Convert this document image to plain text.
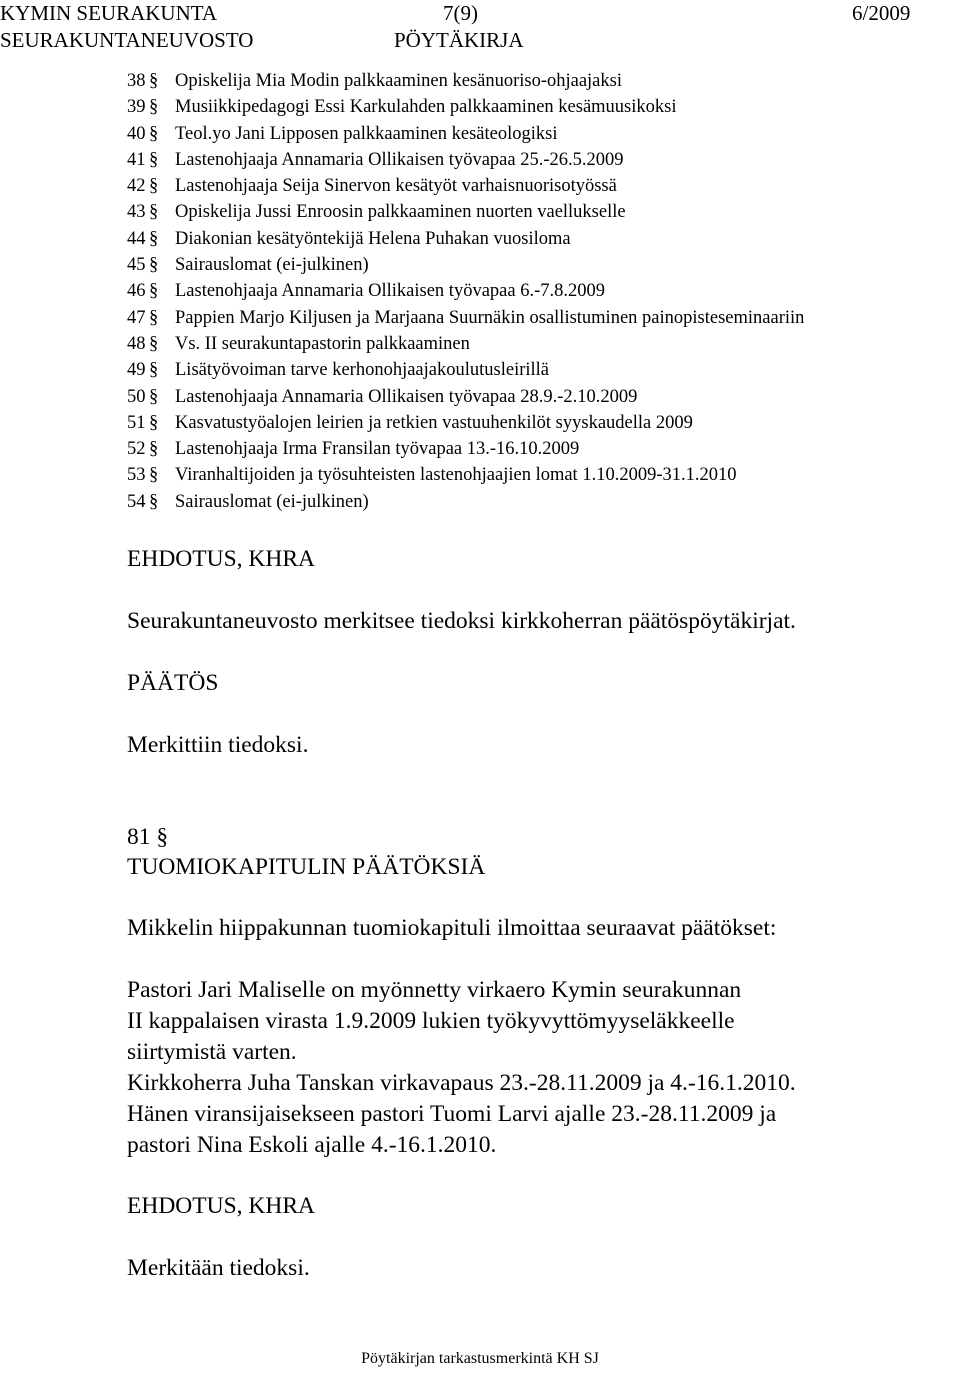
KYMIN SEURAKUNTA	7(9)	6/2009
SEURAKUNTANEUVOSTO	PÖYTÄKIRJA
38 § Opiskelija Mia Modin palkkaaminen kesänuoriso-ohjaajaksi
39 § Musiikkipedagogi Essi Karkulahden palkkaaminen kesämuusikoksi
40 § Teol.yo Jani Lipposen palkkaaminen kesäteologiksi
41 § Lastenohjaaja Annamaria Ollikaisen työvapaa 25.-26.5.2009
42 § Lastenohjaaja Seija Sinervon kesätyöt varhaisnuorisotyössä
43 § Opiskelija Jussi Enroosin palkkaaminen nuorten vaellukselle
44 § Diakonian kesätyöntekijä Helena Puhakan vuosiloma
45 § Sairauslomat (ei-julkinen)
46 § Lastenohjaaja Annamaria Ollikaisen työvapaa 6.-7.8.2009
47 § Pappien Marjo Kiljusen ja Marjaana Suurnäkin osallistuminen painopisteseminaariin
48 § Vs. II seurakuntapastorin palkkaaminen
49 § Lisätyövoiman tarve kerhonohjaajakoulutusleirillä
50 § Lastenohjaaja Annamaria Ollikaisen työvapaa 28.9.-2.10.2009
51 § Kasvatustyöalojen leirien ja retkien vastuuhenkilöt syyskaudella 2009
52 § Lastenohjaaja Irma Fransilan työvapaa 13.-16.10.2009
53 § Viranhaltijoiden ja työsuhteisten lastenohjaajien lomat 1.10.2009-31.1.2010
54 § Sairauslomat (ei-julkinen)
EHDOTUS, KHRA
Seurakuntaneuvosto merkitsee tiedoksi kirkkoherran päätöspöytäkirjat.
PÄÄTÖS
Merkittiin tiedoksi.
81 §
TUOMIOKAPITULIN PÄÄTÖKSIÄ
Mikkelin hiippakunnan tuomiokapituli ilmoittaa seuraavat päätökset:

Pastori Jari Maliselle on myönnetty virkaero Kymin seurakunnan

II kappalaisen virasta 1.9.2009 lukien työkyvyttömyyseläkkeelle

siirtymistä varten.

Kirkkoherra Juha Tanskan virkavapaus 23.-28.11.2009 ja 4.-16.1.2010.

Hänen viransijaisekseen pastori Tuomi Larvi ajalle 23.-28.11.2009 ja

pastori Nina Eskoli ajalle 4.-16.1.2010.

EHDOTUS, KHRA
Merkitään tiedoksi.
Pöytäkirjan tarkastusmerkintä KH SJ
